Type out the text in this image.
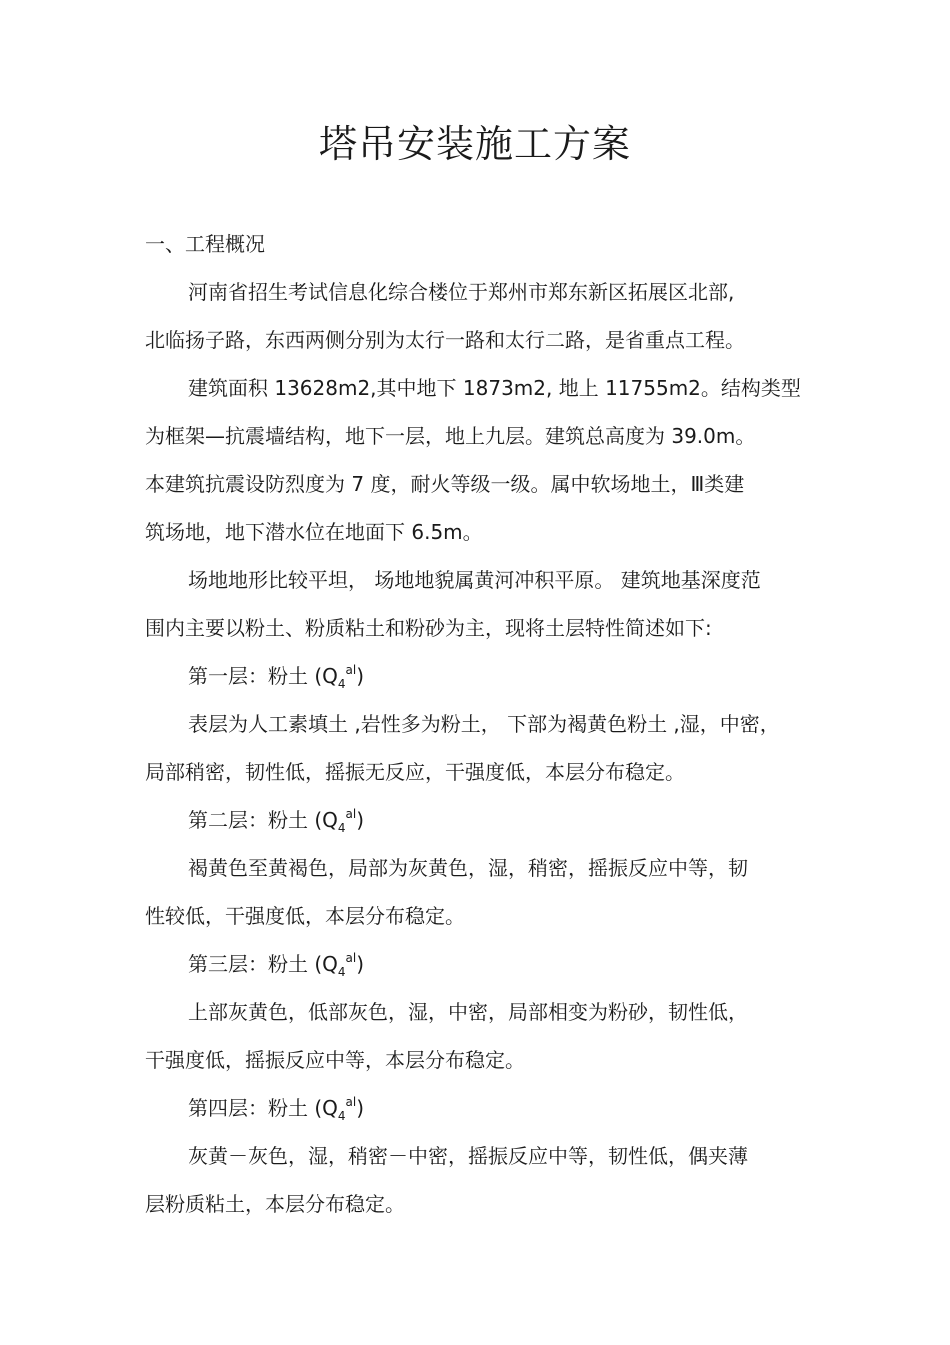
塔吊安装施工方案
一、工程概况
河南省招生考试信息化综合楼位于郑州市郑东新区拓展区北部,
北临扬子路，东西两侧分别为太行一路和太行二路，是省重点工程。
建筑面积 13628m2,其中地下 1873m2, 地上 11755m2。结构类型
为框架—抗震墙结构，地下一层，地上九层。建筑总高度为 39.0m。
本建筑抗震设防烈度为 7 度，耐火等级一级。属中软场地土，Ⅲ类建
筑场地，地下潜水位在地面下 6.5m。
场地地形比较平坦， 场地地貌属黄河冲积平原。 建筑地基深度范
围内主要以粉土、粉质粘土和粉砂为主，现将土层特性简述如下:
第一层：粉土 $(Q_4^{al})$
表层为人工素填土 ,岩性多为粉土， 下部为褐黄色粉土 ,湿，中密，
局部稍密，韧性低，摇振无反应，干强度低，本层分布稳定。
第二层：粉土 $(Q_4^{al})$
褐黄色至黄褐色，局部为灰黄色，湿，稍密，摇振反应中等，韧
性较低，干强度低，本层分布稳定。
第三层：粉土 $(Q_4^{al})$
上部灰黄色，低部灰色，湿，中密，局部相变为粉砂，韧性低，
干强度低，摇振反应中等，本层分布稳定。
第四层：粉土 $(Q_4^{al})$
灰黄－灰色，湿，稍密－中密，摇振反应中等，韧性低，偶夹薄
层粉质粘土，本层分布稳定。
